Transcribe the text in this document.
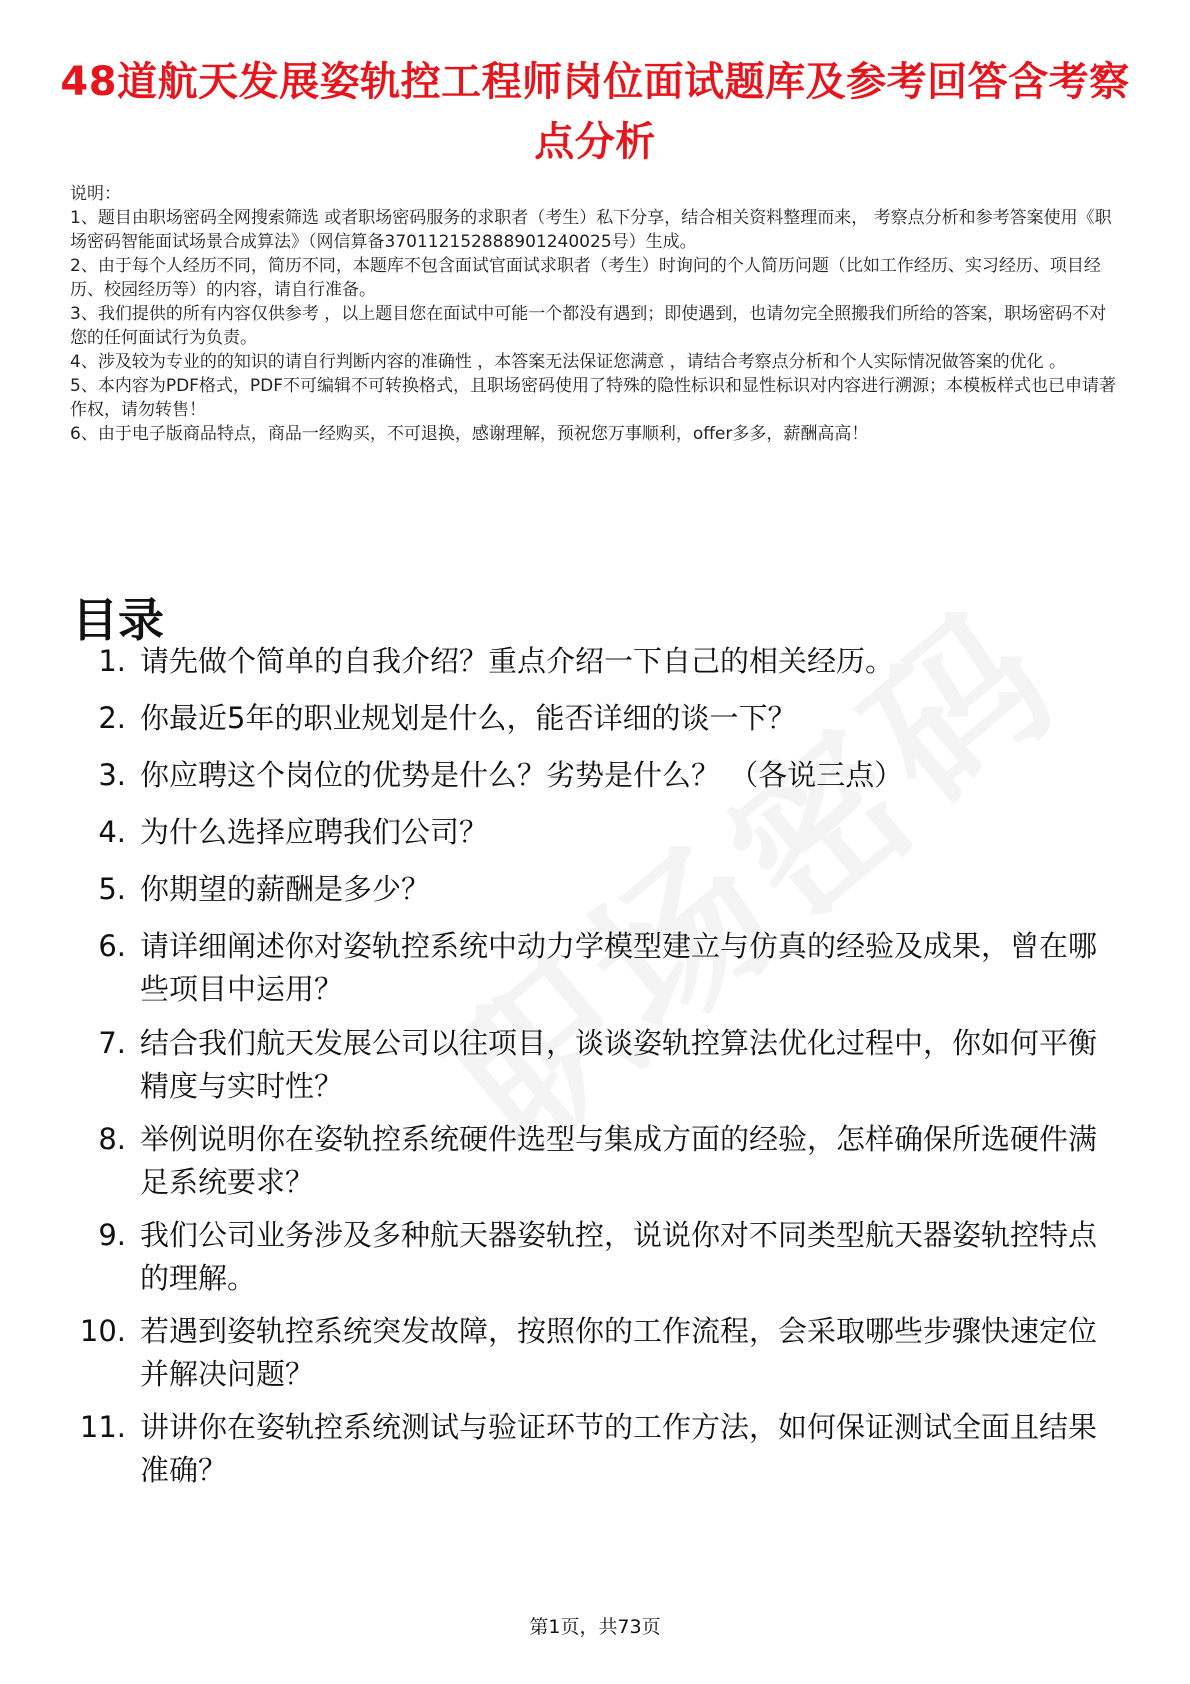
48道航天发展姿轨控工程师岗位面试题库及参考回答含考察点分析
说明：
1、题目由职场密码全网搜索筛选 或者职场密码服务的求职者（考生）私下分享，结合相关资料整理而来， 考察点分析和参考答案使用《职场密码智能面试场景合成算法》（网信算备370112152888901240025号）生成。
2、由于每个人经历不同，简历不同，本题库不包含面试官面试求职者（考生）时询问的个人简历问题（比如工作经历、实习经历、项目经历、校园经历等）的内容，请自行准备。
3、我们提供的所有内容仅供参考 ，以上题目您在面试中可能一个都没有遇到；即使遇到，也请勿完全照搬我们所给的答案，职场密码不对您的任何面试行为负责。
4、涉及较为专业的的知识的请自行判断内容的准确性 ，本答案无法保证您满意 ，请结合考察点分析和个人实际情况做答案的优化 。
5、本内容为PDF格式，PDF不可编辑不可转换格式，且职场密码使用了特殊的隐性标识和显性标识对内容进行溯源；本模板样式也已申请著作权，请勿转售！
6、由于电子版商品特点，商品一经购买，不可退换，感谢理解，预祝您万事顺利，offer多多，薪酬高高！
目录
1. 请先做个简单的自我介绍？重点介绍一下自己的相关经历。
2. 你最近5年的职业规划是什么，能否详细的谈一下？
3. 你应聘这个岗位的优势是什么？劣势是什么？ （各说三点）
4. 为什么选择应聘我们公司？
5. 你期望的薪酬是多少？
6. 请详细阐述你对姿轨控系统中动力学模型建立与仿真的经验及成果，曾在哪些项目中运用？
7. 结合我们航天发展公司以往项目，谈谈姿轨控算法优化过程中，你如何平衡精度与实时性？
8. 举例说明你在姿轨控系统硬件选型与集成方面的经验，怎样确保所选硬件满足系统要求？
9. 我们公司业务涉及多种航天器姿轨控，说说你对不同类型航天器姿轨控特点的理解。
10. 若遇到姿轨控系统突发故障，按照你的工作流程，会采取哪些步骤快速定位并解决问题？
11. 讲讲你在姿轨控系统测试与验证环节的工作方法，如何保证测试全面且结果准确？
第1页，共73页
